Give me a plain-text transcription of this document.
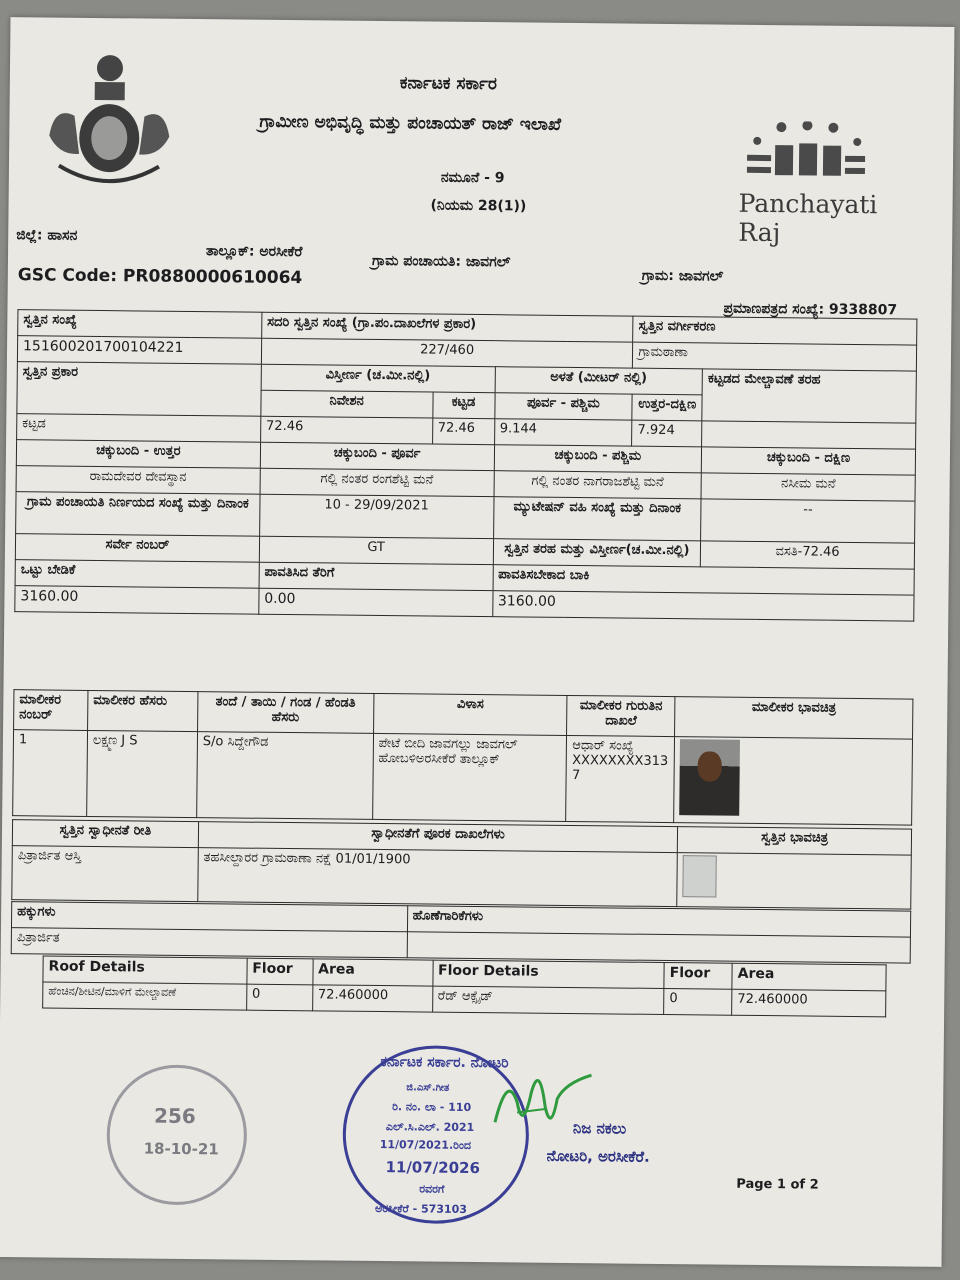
ಕರ್ನಾಟಕ ಸರ್ಕಾರ
ಗ್ರಾಮೀಣ ಅಭಿವೃದ್ಧಿ ಮತ್ತು ಪಂಚಾಯತ್ ರಾಜ್ ಇಲಾಖೆ
ನಮೂನೆ - 9
(ನಿಯಮ 28(1))	Panchayati Raj
ಜಿಲ್ಲೆ: ಹಾಸನ
ತಾಲ್ಲೂಕ್: ಅರಸೀಕೆರೆ
ಗ್ರಾಮ ಪಂಚಾಯತಿ: ಜಾವಗಲ್
ಗ್ರಾಮ: ಜಾವಗಲ್
GSC Code: PR0880000610064
ಪ್ರಮಾಣಪತ್ರದ ಸಂಖ್ಯೆ: 9338807
ಸ್ವತ್ತಿನ ಸಂಖ್ಯೆ	ಸದರಿ ಸ್ವತ್ತಿನ ಸಂಖ್ಯೆ (ಗ್ರಾ.ಪಂ.ದಾಖಲೆಗಳ ಪ್ರಕಾರ)			ಸ್ವತ್ತಿನ ವರ್ಗೀಕರಣ	
151600201700104221	227/460			ಗ್ರಾಮಠಾಣಾ	
ಸ್ವತ್ತಿನ ಪ್ರಕಾರ	ವಿಸ್ತೀರ್ಣ (ಚ.ಮೀ.ನಲ್ಲಿ)		ಅಳತೆ (ಮೀಟರ್ ನಲ್ಲಿ)		ಕಟ್ಟಡದ ಮೇಲ್ಚಾವಣೆ ತರಹ
	ನಿವೇಶನ	ಕಟ್ಟಡ	ಪೂರ್ವ - ಪಶ್ಚಿಮ	ಉತ್ತರ-ದಕ್ಷಿಣ	
ಕಟ್ಟಡ	72.46	72.46	9.144	7.924	
ಚಕ್ಕುಬಂದಿ - ಉತ್ತರ	ಚಕ್ಕುಬಂದಿ - ಪೂರ್ವ		ಚಕ್ಕುಬಂದಿ - ಪಶ್ಚಿಮ		ಚಕ್ಕುಬಂದಿ - ದಕ್ಷಿಣ
ರಾಮದೇವರ ದೇವಸ್ಥಾನ	ಗಲ್ಲಿ ನಂತರ ರಂಗಶೆಟ್ಟಿ ಮನೆ		ಗಲ್ಲಿ ನಂತರ ನಾಗರಾಜಶೆಟ್ಟಿ ಮನೆ		ನಸೀಮ ಮನೆ
ಗ್ರಾಮ ಪಂಚಾಯತಿ ನಿರ್ಣಯದ ಸಂಖ್ಯೆ ಮತ್ತು ದಿನಾಂಕ	10 - 29/09/2021		ಮ್ಯುಟೇಷನ್ ವಹಿ ಸಂಖ್ಯೆ ಮತ್ತು ದಿನಾಂಕ		--
ಸರ್ವೇ ನಂಬರ್	GT		ಸ್ವತ್ತಿನ ತರಹ ಮತ್ತು ವಿಸ್ತೀರ್ಣ(ಚ.ಮೀ.ನಲ್ಲಿ)		ವಸತಿ-72.46
ಒಟ್ಟು ಬೇಡಿಕೆ	ಪಾವತಿಸಿದ ತೆರಿಗೆ		ಪಾವತಿಸಬೇಕಾದ ಬಾಕಿ		
3160.00	0.00		3160.00		
ಮಾಲೀಕರ ನಂಬರ್	ಮಾಲೀಕರ ಹೆಸರು	ತಂದೆ / ತಾಯಿ / ಗಂಡ / ಹೆಂಡತಿ ಹೆಸರು	ವಿಳಾಸ	ಮಾಲೀಕರ ಗುರುತಿನ ದಾಖಲೆ	ಮಾಲೀಕರ ಭಾವಚಿತ್ರ
1	ಲಕ್ಷ್ಮಣ J S	S/o ಸಿದ್ದೇಗೌಡ	ಪೇಟೆ ಬೀದಿ ಜಾವಗಲ್ಲು ಜಾವಗಲ್ ಹೋಬಳಿಅರಸೀಕೆರೆ ತಾಲ್ಲೂಕ್	ಆಧಾರ್ ಸಂಖ್ಯೆ
XXXXXXXX3137	

ಸ್ವತ್ತಿನ ಸ್ವಾಧೀನತೆ ರೀತಿ	ಸ್ವಾಧೀನತೆಗೆ ಪೂರಕ ದಾಖಲೆಗಳು	ಸ್ವತ್ತಿನ ಭಾವಚಿತ್ರ
ಪಿತ್ರಾರ್ಜಿತ ಆಸ್ತಿ	ತಹಸೀಲ್ದಾರರ ಗ್ರಾಮಠಾಣಾ ನಕ್ಷೆ 01/01/1900	
ಹಕ್ಕುಗಳು	ಹೊಣೆಗಾರಿಕೆಗಳು
ಪಿತ್ರಾರ್ಜಿತ	
Roof Details	Floor	Area	Floor Details	Floor	Area
ಹೆಂಚಿನ/ಶೀಟಿನ/ಮಾಳಿಗೆ ಮೇಲ್ಚಾವಣೆ	0	72.460000	ರೆಡ್ ಆಕ್ಸೈಡ್	0	72.460000
256
18-10-21
ಕರ್ನಾಟಕ ಸರ್ಕಾರ. ನೋಟರಿ
ಜಿ.ಎಸ್.ಗೀತ
ರಿ. ನಂ. ಲಾ - 110
ಎಲ್.ಸಿ.ಎಲ್. 2021
11/07/2021.ರಿಂದ
11/07/2026
ರವರಗೆ
ಅರಸೀಕೆರೆ - 573103
ನಿಜ ನಕಲು
ನೋಟರಿ, ಅರಸೀಕೆರೆ.
Page 1 of 2
